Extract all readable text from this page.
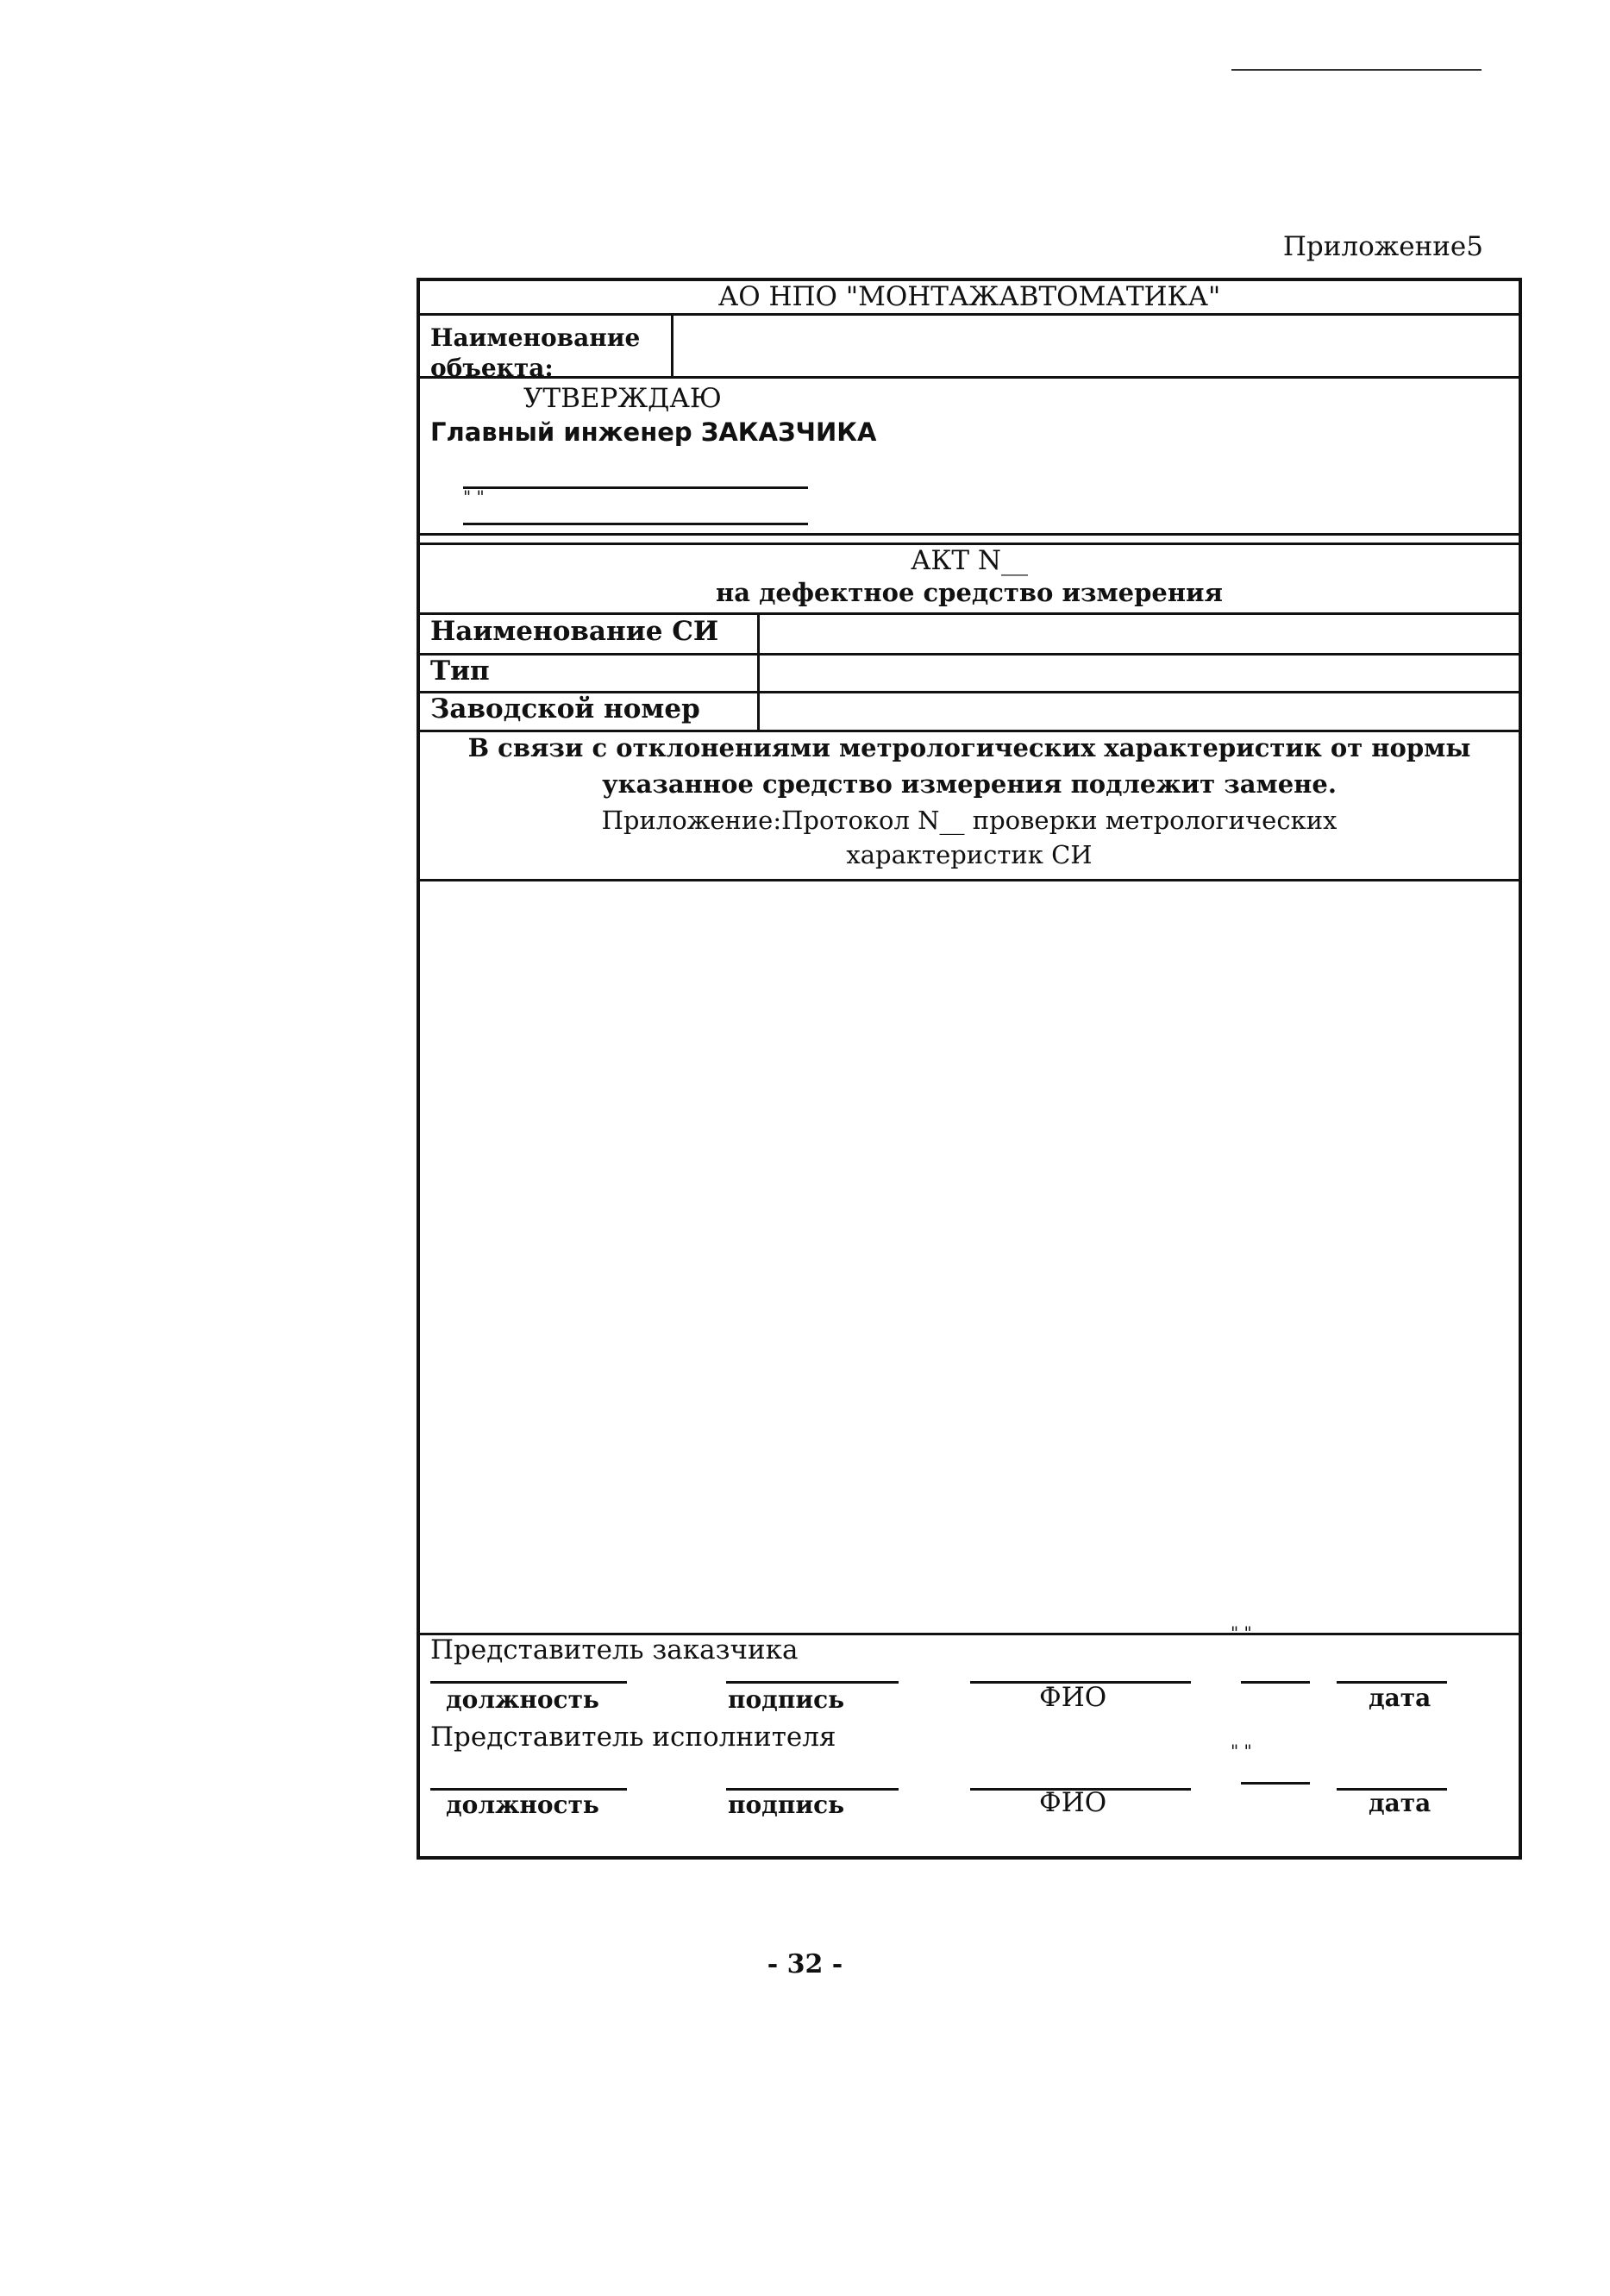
Приложение5
АО НПО "МОНТАЖАВТОМАТИКА"
Наименование объекта:
УТВЕРЖДАЮ
Главный инженер ЗАКАЗЧИКА
" "
АКТ N__
на дефектное средство измерения
Наименование СИ
Тип
Заводской номер
В связи с отклонениями метрологических характеристик от нормы
указанное средство измерения подлежит замене.
Приложение:Протокол N__ проверки метрологических
характеристик СИ
Представитель заказчика
" "
должность	подпись	ФИО	дата
Представитель исполнителя	" "
должность	подпись	ФИО	дата
- 32 -
